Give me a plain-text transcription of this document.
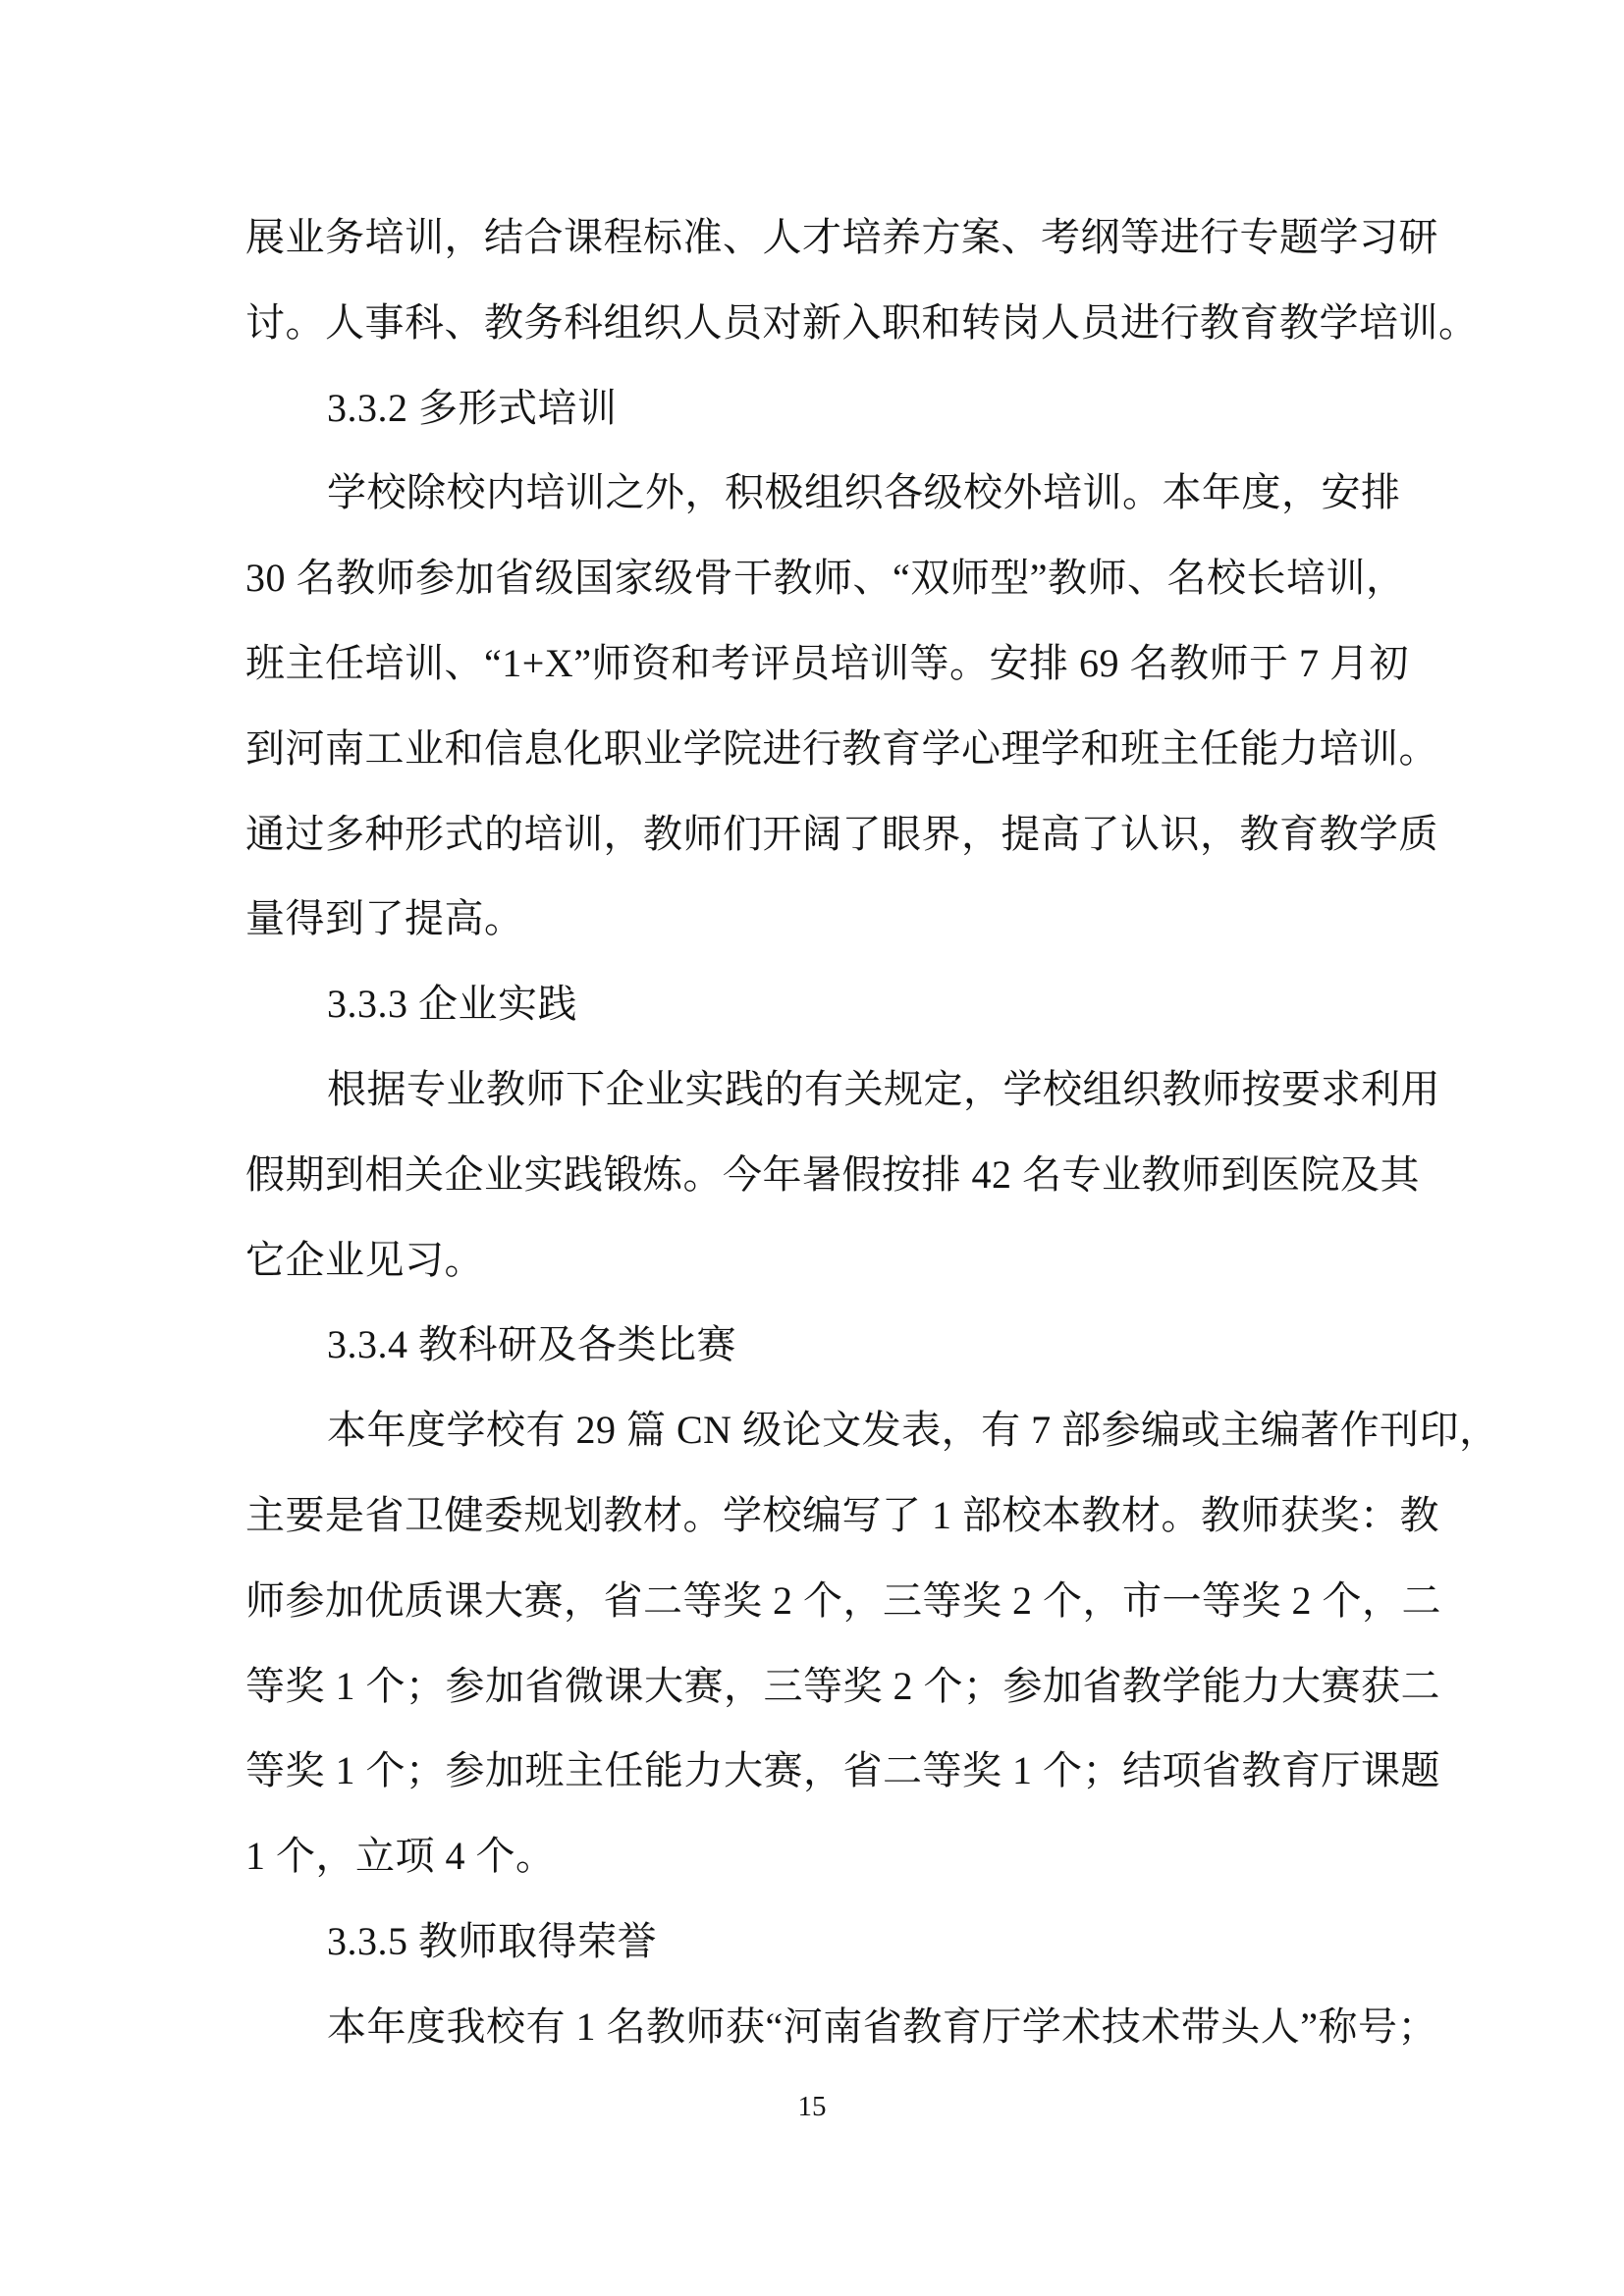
展业务培训，结合课程标准、人才培养方案、考纲等进行专题学习研
讨。人事科、教务科组织人员对新入职和转岗人员进行教育教学培训。
3.3.2 多形式培训
学校除校内培训之外，积极组织各级校外培训。本年度，安排
30 名教师参加省级国家级骨干教师、“双师型”教师、名校长培训，
班主任培训、“1+X”师资和考评员培训等。安排 69 名教师于 7 月初
到河南工业和信息化职业学院进行教育学心理学和班主任能力培训。
通过多种形式的培训，教师们开阔了眼界，提高了认识，教育教学质
量得到了提高。
3.3.3 企业实践
根据专业教师下企业实践的有关规定，学校组织教师按要求利用
假期到相关企业实践锻炼。今年暑假按排 42 名专业教师到医院及其
它企业见习。
3.3.4 教科研及各类比赛
本年度学校有 29 篇 CN 级论文发表，有 7 部参编或主编著作刊印，
主要是省卫健委规划教材。学校编写了 1 部校本教材。教师获奖：教
师参加优质课大赛，省二等奖 2 个，三等奖 2 个，市一等奖 2 个，二
等奖 1 个；参加省微课大赛，三等奖 2 个；参加省教学能力大赛获二
等奖 1 个；参加班主任能力大赛，省二等奖 1 个；结项省教育厅课题
1 个，立项 4 个。
3.3.5 教师取得荣誉
本年度我校有 1 名教师获“河南省教育厅学术技术带头人”称号；
15
